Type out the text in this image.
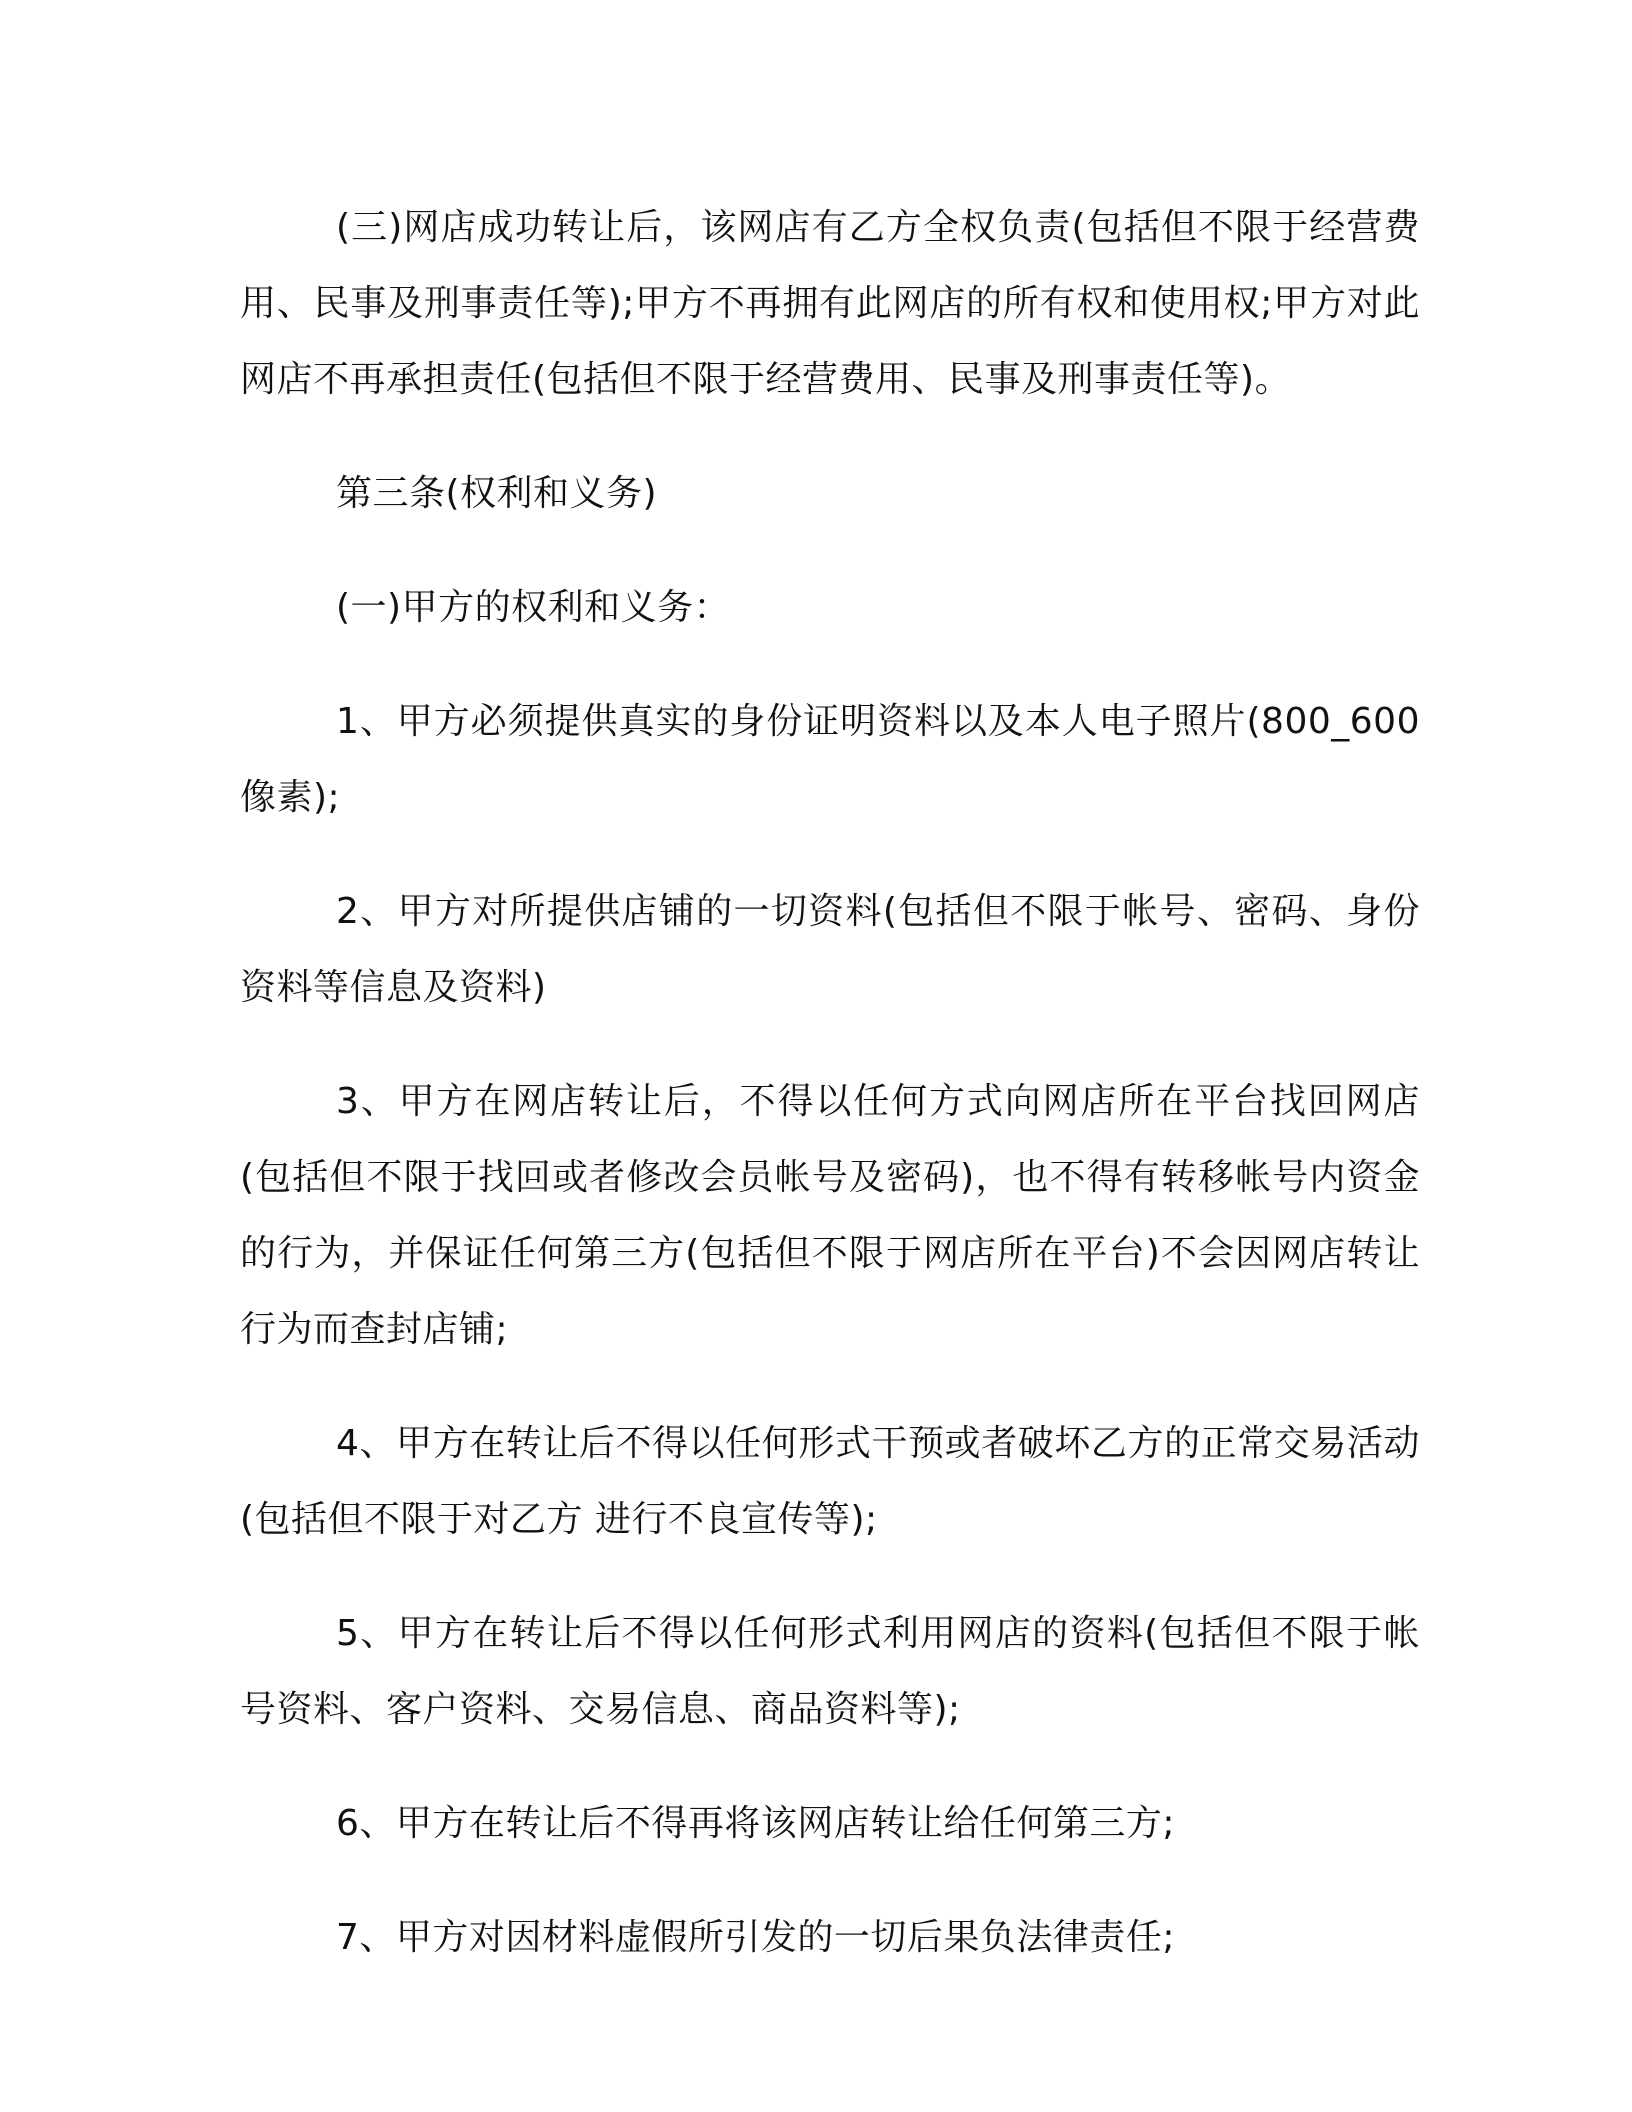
(三)网店成功转让后，该网店有乙方全权负责(包括但不限于经营费用、民事及刑事责任等);甲方不再拥有此网店的所有权和使用权;甲方对此网店不再承担责任(包括但不限于经营费用、民事及刑事责任等)。

第三条(权利和义务)

(一)甲方的权利和义务：

1、甲方必须提供真实的身份证明资料以及本人电子照片(800_600 像素);

2、甲方对所提供店铺的一切资料(包括但不限于帐号、密码、身份资料等信息及资料)

3、甲方在网店转让后，不得以任何方式向网店所在平台找回网店(包括但不限于找回或者修改会员帐号及密码)，也不得有转移帐号内资金的行为，并保证任何第三方(包括但不限于网店所在平台)不会因网店转让行为而查封店铺;

4、甲方在转让后不得以任何形式干预或者破坏乙方的正常交易活动(包括但不限于对乙方 进行不良宣传等);

5、甲方在转让后不得以任何形式利用网店的资料(包括但不限于帐号资料、客户资料、交易信息、商品资料等);

6、甲方在转让后不得再将该网店转让给任何第三方;

7、甲方对因材料虚假所引发的一切后果负法律责任;
